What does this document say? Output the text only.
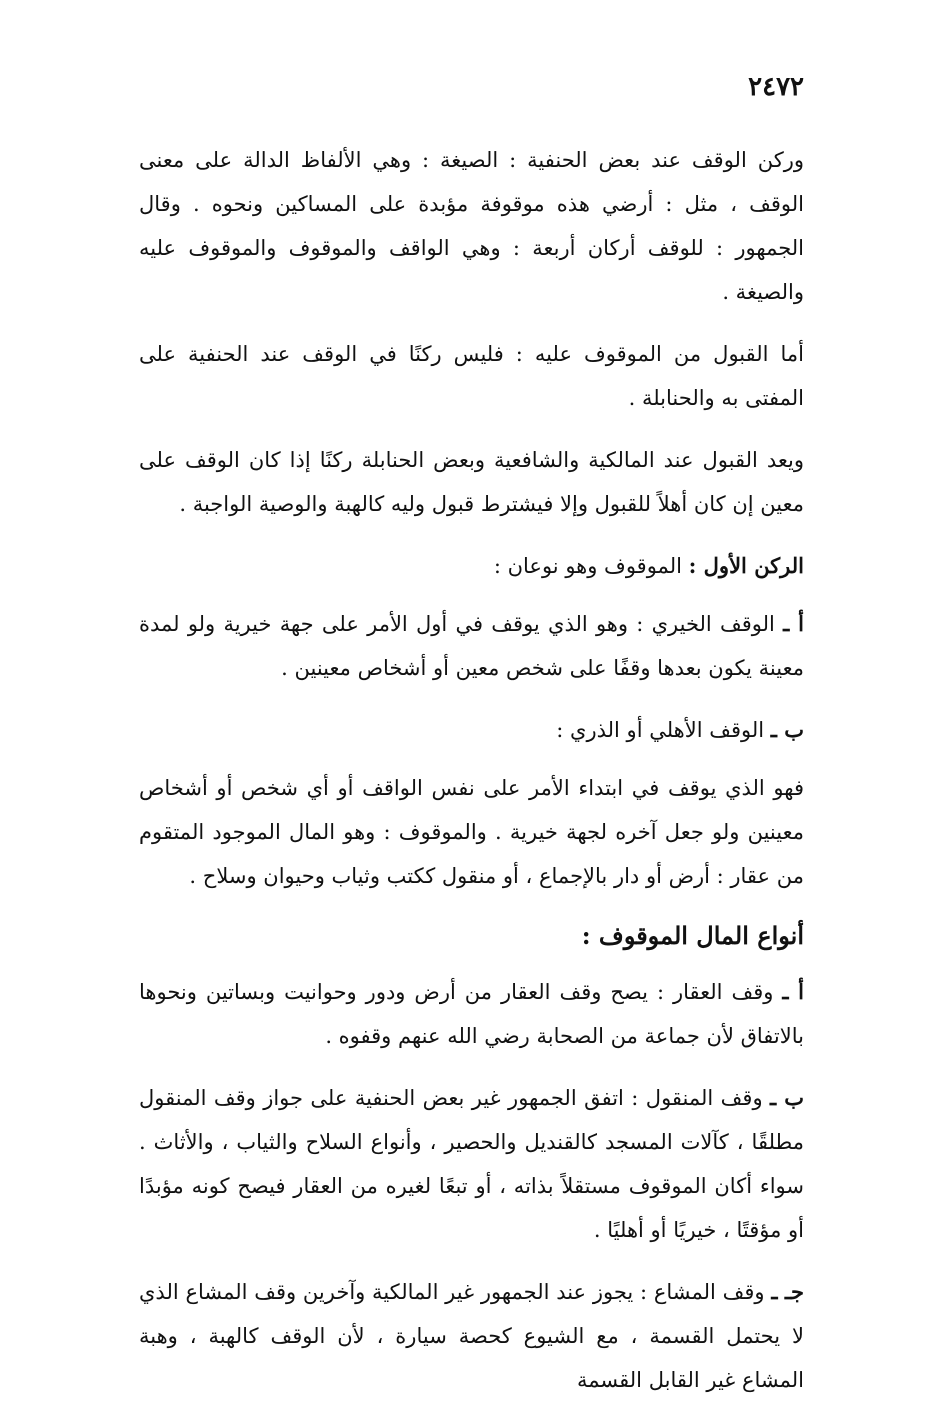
٢٤٧٢

وركن الوقف عند بعض الحنفية : الصيغة : وهي الألفاظ الدالة على معنى الوقف ، مثل : أرضي هذه موقوفة مؤبدة على المساكين ونحوه . وقال الجمهور : للوقف أركان أربعة : وهي الواقف والموقوف والموقوف عليه والصيغة .

أما القبول من الموقوف عليه : فليس ركنًا في الوقف عند الحنفية على المفتى به والحنابلة .

ويعد القبول عند المالكية والشافعية وبعض الحنابلة ركنًا إذا كان الوقف على معين إن كان أهلاً للقبول وإلا فيشترط قبول وليه كالهبة والوصية الواجبة .

الركن الأول : الموقوف وهو نوعان :

أ ـ الوقف الخيري : وهو الذي يوقف في أول الأمر على جهة خيرية ولو لمدة معينة يكون بعدها وقفًا على شخص معين أو أشخاص معينين .

ب ـ الوقف الأهلي أو الذري :

فهو الذي يوقف في ابتداء الأمر على نفس الواقف أو أي شخص أو أشخاص معينين ولو جعل آخره لجهة خيرية . والموقوف : وهو المال الموجود المتقوم من عقار : أرض أو دار بالإجماع ، أو منقول ككتب وثياب وحيوان وسلاح .

أنواع المال الموقوف :

أ ـ وقف العقار : يصح وقف العقار من أرض ودور وحوانيت وبساتين ونحوها بالاتفاق لأن جماعة من الصحابة رضي الله عنهم وقفوه .

ب ـ وقف المنقول : اتفق الجمهور غير بعض الحنفية على جواز وقف المنقول مطلقًا ، كآلات المسجد كالقنديل والحصير ، وأنواع السلاح والثياب ، والأثاث . سواء أكان الموقوف مستقلاً بذاته ، أو تبعًا لغيره من العقار فيصح كونه مؤبدًا أو مؤقتًا ، خيريًا أو أهليًا .

جـ ـ وقف المشاع : يجوز عند الجمهور غير المالكية وآخرين وقف المشاع الذي لا يحتمل القسمة ، مع الشيوع كحصة سيارة ، لأن الوقف كالهبة ، وهبة المشاع غير القابل القسمة
